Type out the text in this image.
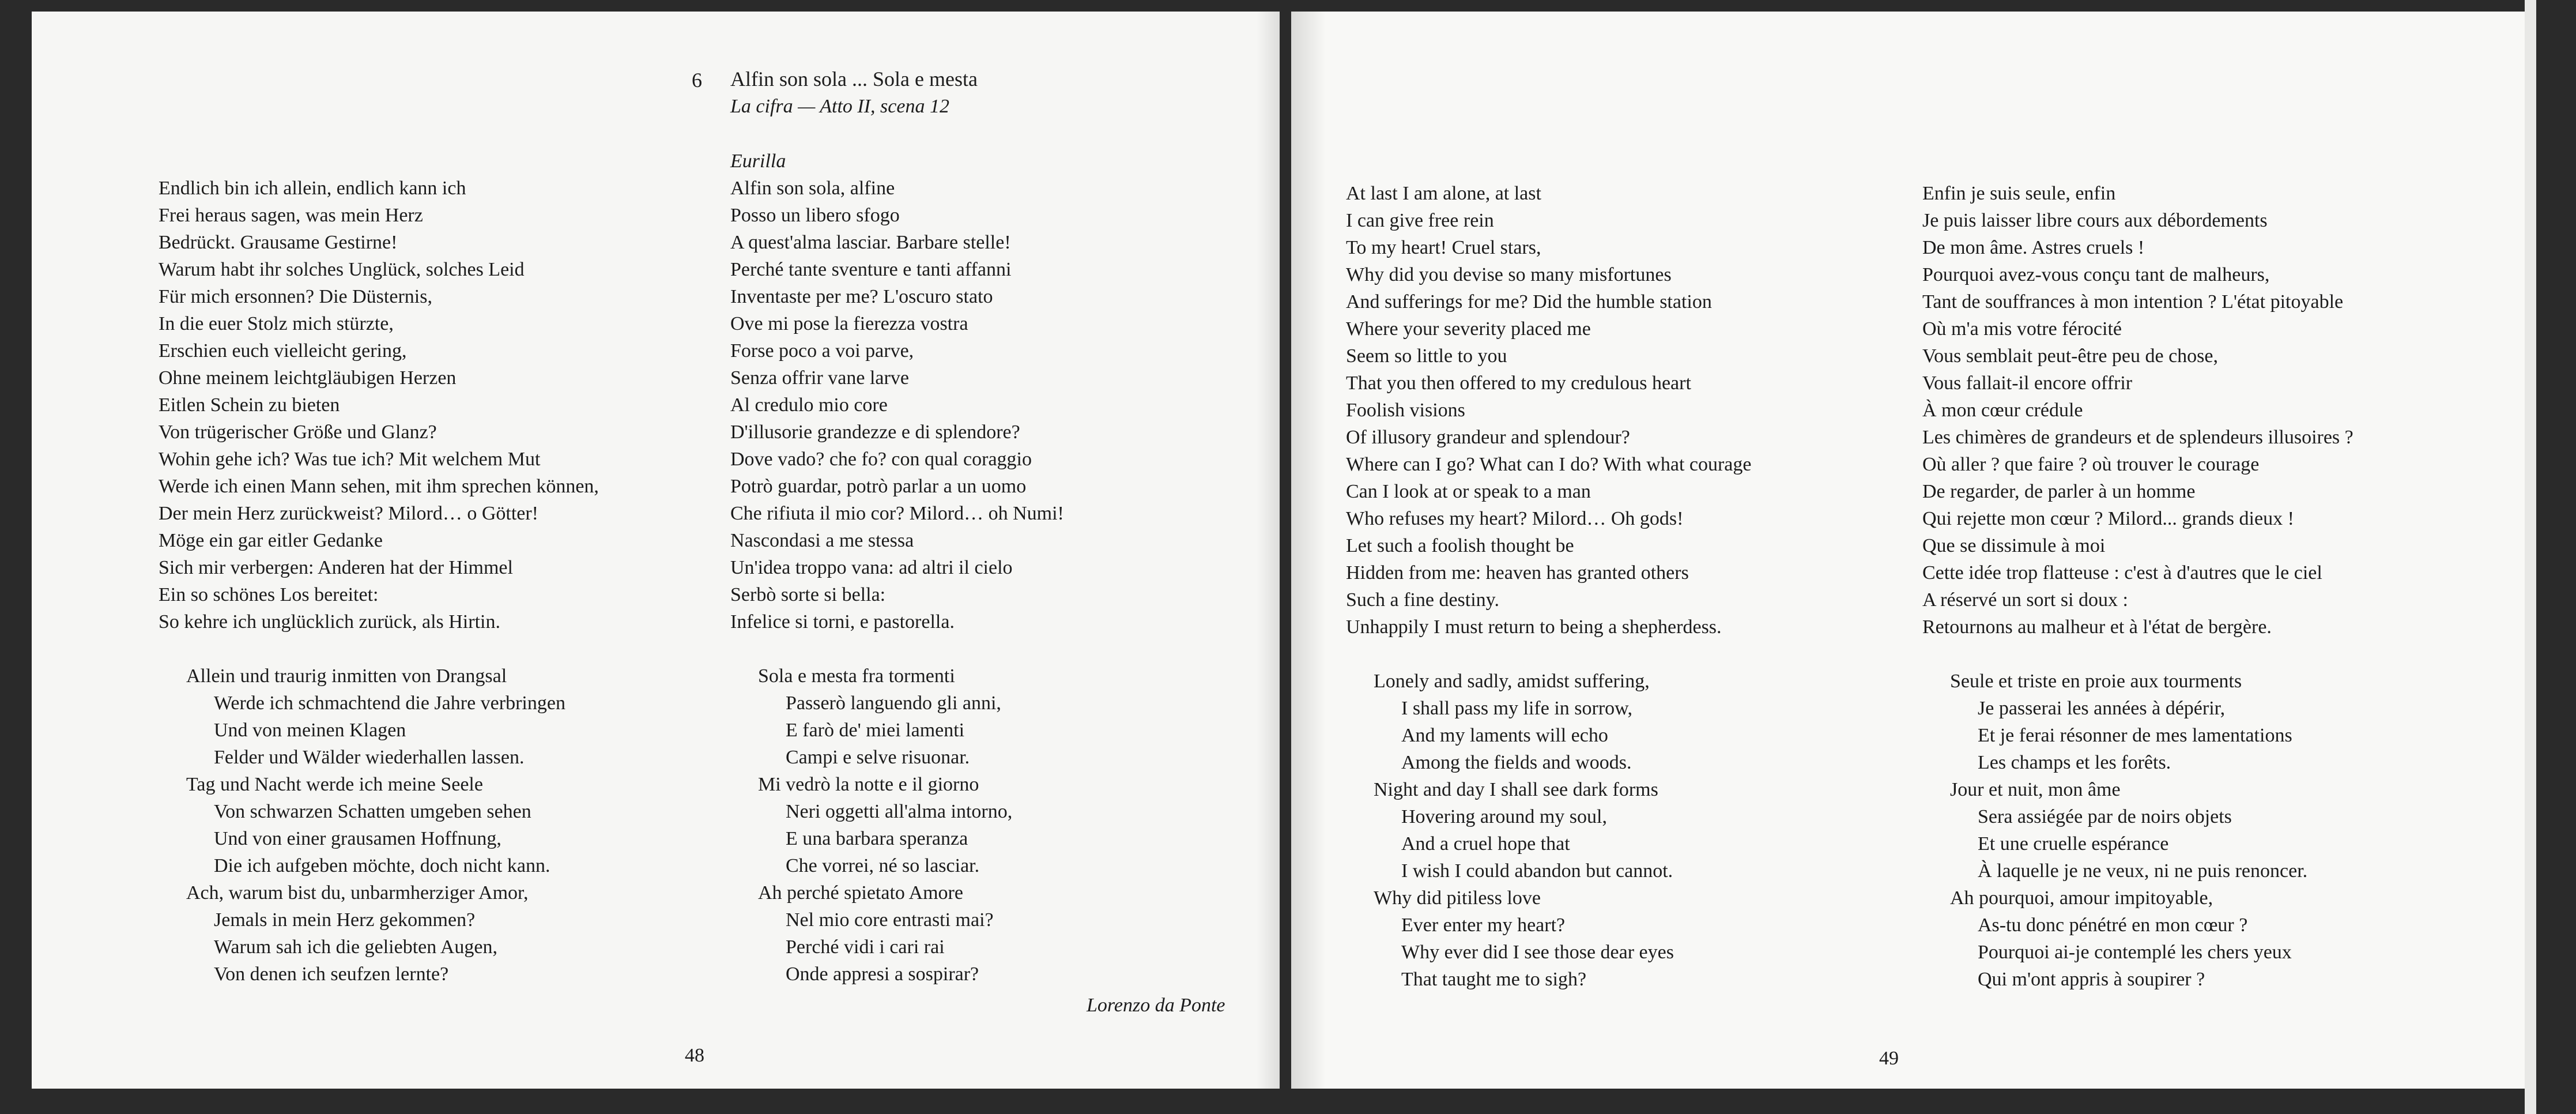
6 Alfin son sola ... Sola e mesta
La cifra — Atto II, scena 12
Endlich bin ich allein, endlich kann ich
Frei heraus sagen, was mein Herz
Bedrückt. Grausame Gestirne!
Warum habt ihr solches Unglück, solches Leid
Für mich ersonnen? Die Düsternis,
In die euer Stolz mich stürzte,
Erschien euch vielleicht gering,
Ohne meinem leichtgläubigen Herzen
Eitlen Schein zu bieten
Von trügerischer Größe und Glanz?
Wohin gehe ich? Was tue ich? Mit welchem Mut
Werde ich einen Mann sehen, mit ihm sprechen können,
Der mein Herz zurückweist? Milord… o Götter!
Möge ein gar eitler Gedanke
Sich mir verbergen: Anderen hat der Himmel
Ein so schönes Los bereitet:
So kehre ich unglücklich zurück, als Hirtin.
Allein und traurig inmitten von Drangsal
Werde ich schmachtend die Jahre verbringen
Und von meinen Klagen
Felder und Wälder wiederhallen lassen.
Tag und Nacht werde ich meine Seele
Von schwarzen Schatten umgeben sehen
Und von einer grausamen Hoffnung,
Die ich aufgeben möchte, doch nicht kann.
Ach, warum bist du, unbarmherziger Amor,
Jemals in mein Herz gekommen?
Warum sah ich die geliebten Augen,
Von denen ich seufzen lernte?
Eurilla
Alfin son sola, alfine
Posso un libero sfogo
A quest'alma lasciar. Barbare stelle!
Perché tante sventure e tanti affanni
Inventaste per me? L'oscuro stato
Ove mi pose la fierezza vostra
Forse poco a voi parve,
Senza offrir vane larve
Al credulo mio core
D'illusorie grandezze e di splendore?
Dove vado? che fo? con qual coraggio
Potrò guardar, potrò parlar a un uomo
Che rifiuta il mio cor? Milord… oh Numi!
Nascondasi a me stessa
Un'idea troppo vana: ad altri il cielo
Serbò sorte si bella:
Infelice si torni, e pastorella.
Sola e mesta fra tormenti
Passerò languendo gli anni,
E farò de' miei lamenti
Campi e selve risuonar.
Mi vedrò la notte e il giorno
Neri oggetti all'alma intorno,
E una barbara speranza
Che vorrei, né so lasciar.
Ah perché spietato Amore
Nel mio core entrasti mai?
Perché vidi i cari rai
Onde appresi a sospirar?
Lorenzo da Ponte
48
At last I am alone, at last
I can give free rein
To my heart! Cruel stars,
Why did you devise so many misfortunes
And sufferings for me? Did the humble station
Where your severity placed me
Seem so little to you
That you then offered to my credulous heart
Foolish visions
Of illusory grandeur and splendour?
Where can I go? What can I do? With what courage
Can I look at or speak to a man
Who refuses my heart? Milord… Oh gods!
Let such a foolish thought be
Hidden from me: heaven has granted others
Such a fine destiny.
Unhappily I must return to being a shepherdess.
Lonely and sadly, amidst suffering,
I shall pass my life in sorrow,
And my laments will echo
Among the fields and woods.
Night and day I shall see dark forms
Hovering around my soul,
And a cruel hope that
I wish I could abandon but cannot.
Why did pitiless love
Ever enter my heart?
Why ever did I see those dear eyes
That taught me to sigh?
Enfin je suis seule, enfin
Je puis laisser libre cours aux débordements
De mon âme. Astres cruels !
Pourquoi avez-vous conçu tant de malheurs,
Tant de souffrances à mon intention ? L'état pitoyable
Où m'a mis votre férocité
Vous semblait peut-être peu de chose,
Vous fallait-il encore offrir
À mon cœur crédule
Les chimères de grandeurs et de splendeurs illusoires ?
Où aller ? que faire ? où trouver le courage
De regarder, de parler à un homme
Qui rejette mon cœur ? Milord... grands dieux !
Que se dissimule à moi
Cette idée trop flatteuse : c'est à d'autres que le ciel
A réservé un sort si doux :
Retournons au malheur et à l'état de bergère.
Seule et triste en proie aux tourments
Je passerai les années à dépérir,
Et je ferai résonner de mes lamentations
Les champs et les forêts.
Jour et nuit, mon âme
Sera assiégée par de noirs objets
Et une cruelle espérance
À laquelle je ne veux, ni ne puis renoncer.
Ah pourquoi, amour impitoyable,
As-tu donc pénétré en mon cœur ?
Pourquoi ai-je contemplé les chers yeux
Qui m'ont appris à soupirer ?
49
